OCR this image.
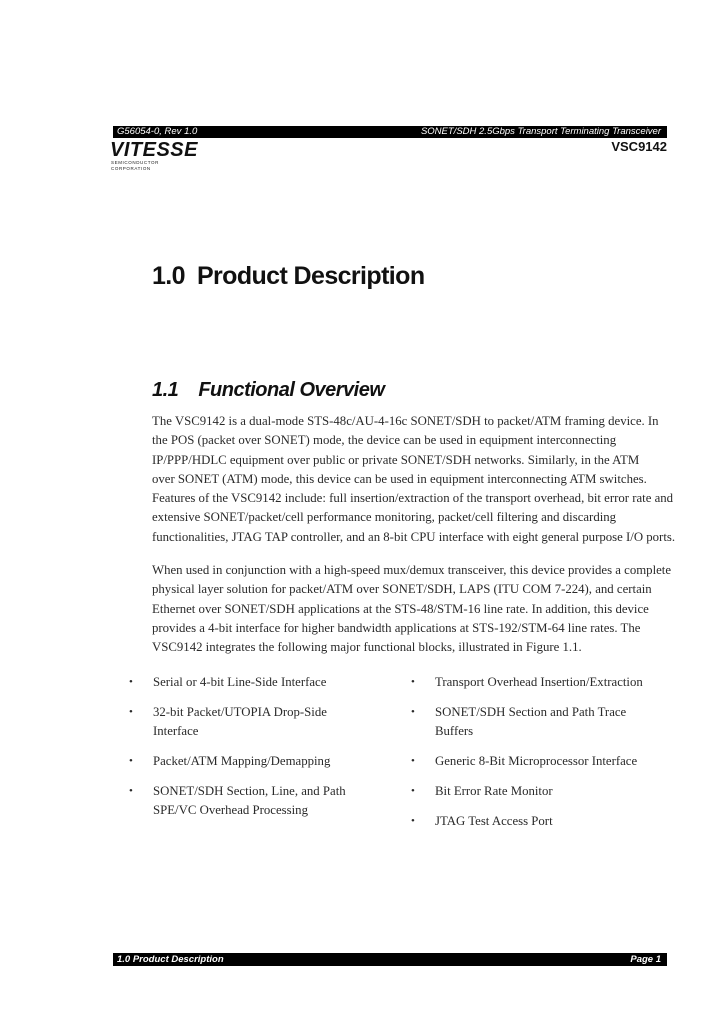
G56054-0, Rev 1.0	SONET/SDH 2.5Gbps Transport Terminating Transceiver
VITESSE
SEMICONDUCTOR CORPORATION
VSC9142
1.0 Product Description
1.1 Functional Overview

The VSC9142 is a dual-mode STS-48c/AU-4-16c SONET/SDH to packet/ATM framing device. In
the POS (packet over SONET) mode, the device can be used in equipment interconnecting
IP/PPP/HDLC equipment over public or private SONET/SDH networks. Similarly, in the ATM
over SONET (ATM) mode, this device can be used in equipment interconnecting ATM switches.
Features of the VSC9142 include: full insertion/extraction of the transport overhead, bit error rate and
extensive SONET/packet/cell performance monitoring, packet/cell filtering and discarding
functionalities, JTAG TAP controller, and an 8-bit CPU interface with eight general purpose I/O ports.

When used in conjunction with a high-speed mux/demux transceiver, this device provides a complete
physical layer solution for packet/ATM over SONET/SDH, LAPS (ITU COM 7-224), and certain
Ethernet over SONET/SDH applications at the STS-48/STM-16 line rate. In addition, this device
provides a 4-bit interface for higher bandwidth applications at STS-192/STM-64 line rates. The
VSC9142 integrates the following major functional blocks, illustrated in Figure 1.1.

• Serial or 4-bit Line-Side Interface
• 32-bit Packet/UTOPIA Drop-Side
Interface
• Packet/ATM Mapping/Demapping
• SONET/SDH Section, Line, and Path
SPE/VC Overhead Processing
• Transport Overhead Insertion/Extraction
• SONET/SDH Section and Path Trace
Buffers
• Generic 8-Bit Microprocessor Interface
• Bit Error Rate Monitor
• JTAG Test Access Port
1.0 Product Description	Page 1
